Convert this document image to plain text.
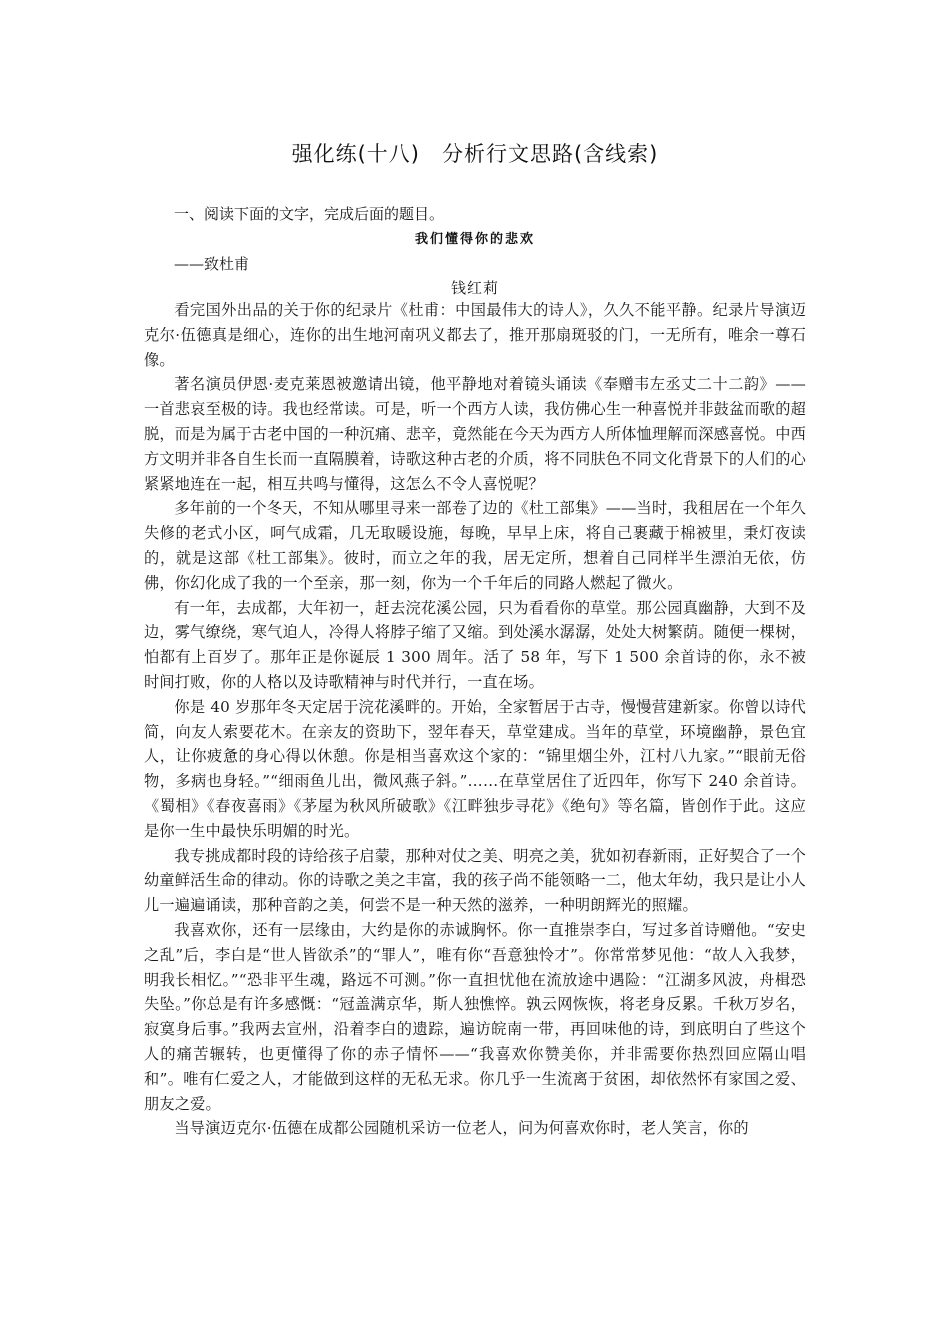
强化练(十八)　分析行文思路(含线索)
一、阅读下面的文字，完成后面的题目。
我们懂得你的悲欢
——致杜甫
钱红莉

看完国外出品的关于你的纪录片《杜甫：中国最伟大的诗人》，久久不能平静。纪录片导演迈克尔·伍德真是细心，连你的出生地河南巩义都去了，推开那扇斑驳的门，一无所有，唯余一尊石像。

著名演员伊恩·麦克莱恩被邀请出镜，他平静地对着镜头诵读《奉赠韦左丞丈二十二韵》——一首悲哀至极的诗。我也经常读。可是，听一个西方人读，我仿佛心生一种喜悦并非鼓盆而歌的超脱，而是为属于古老中国的一种沉痛、悲辛，竟然能在今天为西方人所体恤理解而深感喜悦。中西方文明并非各自生长而一直隔膜着，诗歌这种古老的介质，将不同肤色不同文化背景下的人们的心紧紧地连在一起，相互共鸣与懂得，这怎么不令人喜悦呢？

多年前的一个冬天，不知从哪里寻来一部卷了边的《杜工部集》——当时，我租居在一个年久失修的老式小区，呵气成霜，几无取暖设施，每晚，早早上床，将自己裹藏于棉被里，秉灯夜读的，就是这部《杜工部集》。彼时，而立之年的我，居无定所，想着自己同样半生漂泊无依，仿佛，你幻化成了我的一个至亲，那一刻，你为一个千年后的同路人燃起了微火。

有一年，去成都，大年初一，赶去浣花溪公园，只为看看你的草堂。那公园真幽静，大到不及边，雾气缭绕，寒气迫人，冷得人将脖子缩了又缩。到处溪水潺潺，处处大树繁荫。随便一棵树，怕都有上百岁了。那年正是你诞辰 1 300 周年。活了 58 年，写下 1 500 余首诗的你，永不被时间打败，你的人格以及诗歌精神与时代并行，一直在场。

你是 40 岁那年冬天定居于浣花溪畔的。开始，全家暂居于古寺，慢慢营建新家。你曾以诗代简，向友人索要花木。在亲友的资助下，翌年春天，草堂建成。当年的草堂，环境幽静，景色宜人，让你疲惫的身心得以休憩。你是相当喜欢这个家的：“锦里烟尘外，江村八九家。”“眼前无俗物，多病也身轻。”“细雨鱼儿出，微风燕子斜。”……在草堂居住了近四年，你写下 240 余首诗。《蜀相》《春夜喜雨》《茅屋为秋风所破歌》《江畔独步寻花》《绝句》等名篇，皆创作于此。这应是你一生中最快乐明媚的时光。

我专挑成都时段的诗给孩子启蒙，那种对仗之美、明亮之美，犹如初春新雨，正好契合了一个幼童鲜活生命的律动。你的诗歌之美之丰富，我的孩子尚不能领略一二，他太年幼，我只是让小人儿一遍遍诵读，那种音韵之美，何尝不是一种天然的滋养，一种明朗辉光的照耀。

我喜欢你，还有一层缘由，大约是你的赤诚胸怀。你一直推崇李白，写过多首诗赠他。“安史之乱”后，李白是“世人皆欲杀”的“罪人”，唯有你“吾意独怜才”。你常常梦见他：“故人入我梦，明我长相忆。”“恐非平生魂，路远不可测。”你一直担忧他在流放途中遇险：“江湖多风波，舟楫恐失坠。”你总是有许多感慨：“冠盖满京华，斯人独憔悴。孰云网恢恢，将老身反累。千秋万岁名，寂寞身后事。”我两去宣州，沿着李白的遗踪，遍访皖南一带，再回味他的诗，到底明白了些这个人的痛苦辗转，也更懂得了你的赤子情怀——“我喜欢你赞美你，并非需要你热烈回应隔山唱和”。唯有仁爱之人，才能做到这样的无私无求。你几乎一生流离于贫困，却依然怀有家国之爱、朋友之爱。

当导演迈克尔·伍德在成都公园随机采访一位老人，问为何喜欢你时，老人笑言，你的
